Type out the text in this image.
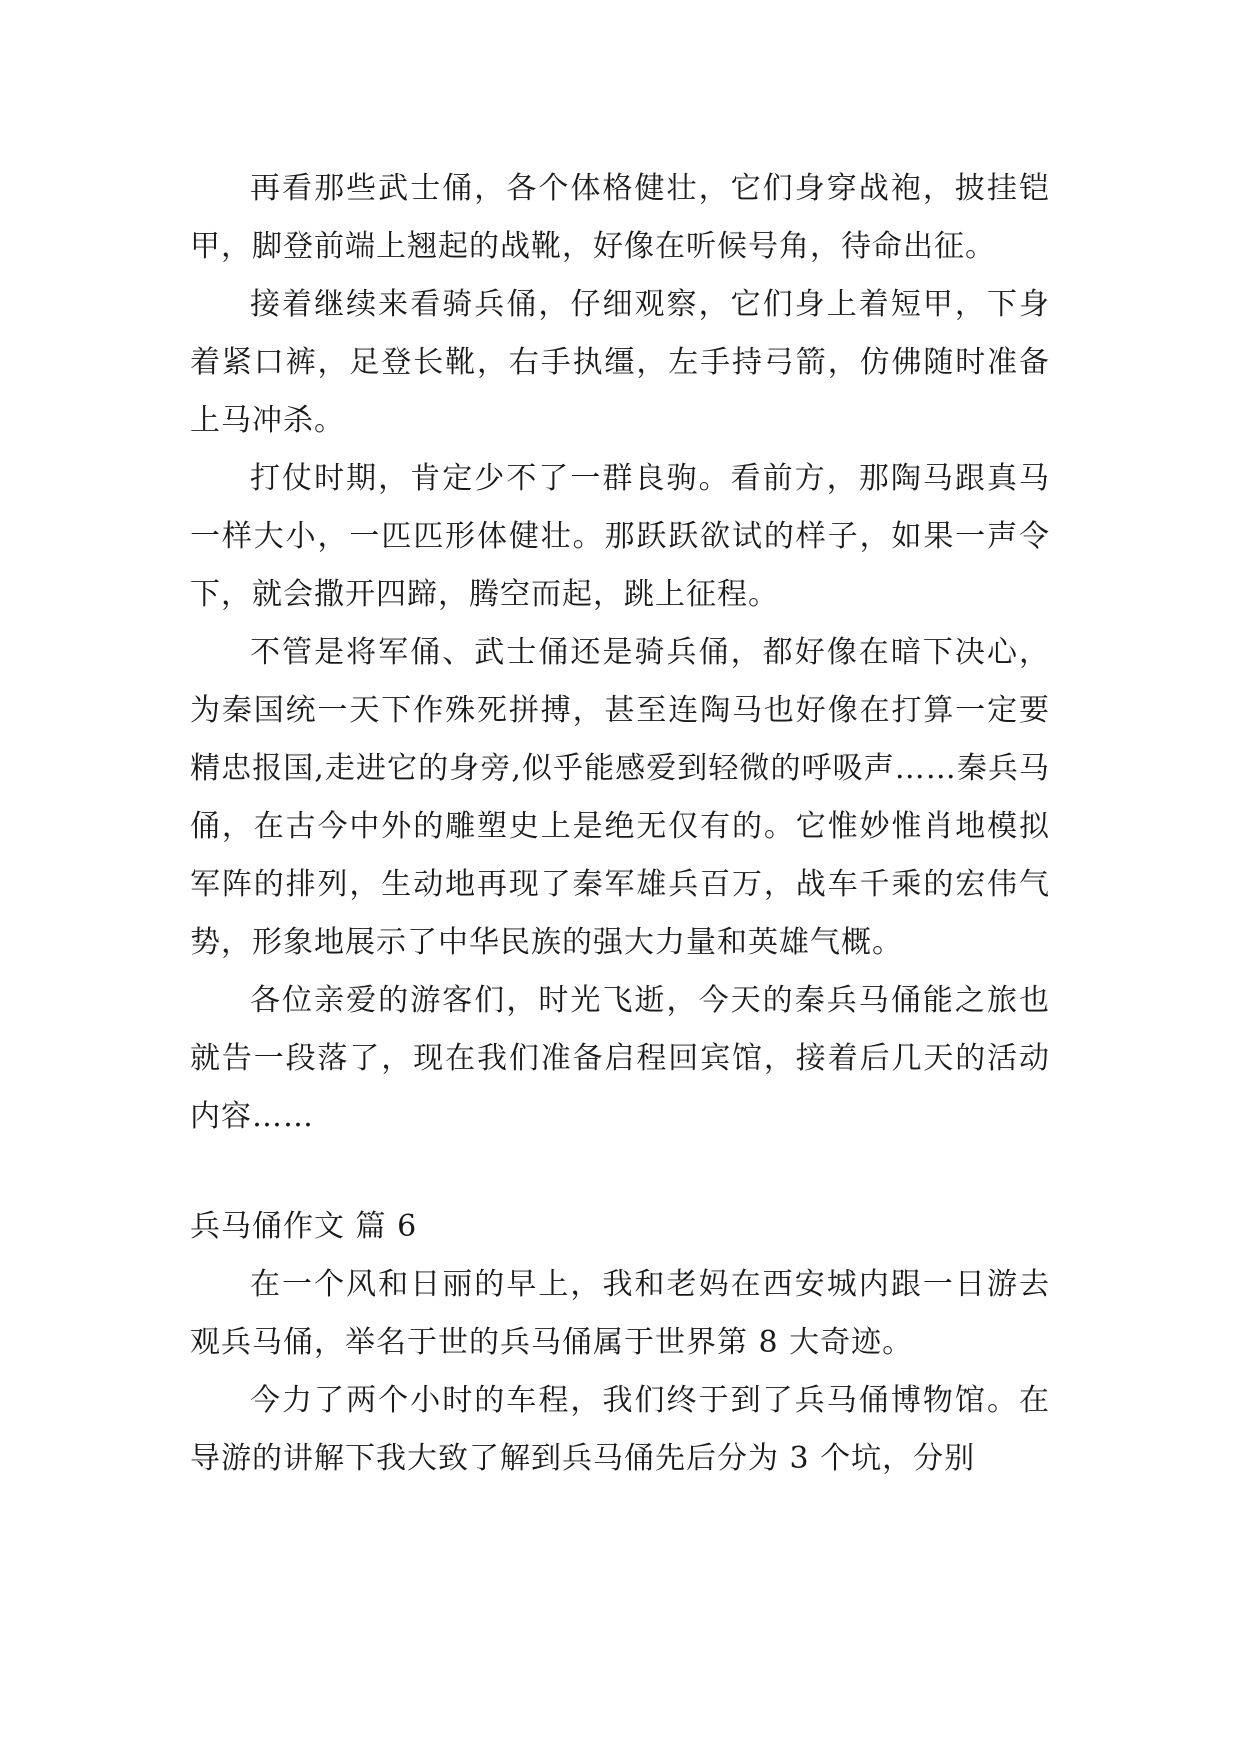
再看那些武士俑，各个体格健壮，它们身穿战袍，披挂铠甲，脚登前端上翘起的战靴，好像在听候号角，待命出征。

接着继续来看骑兵俑，仔细观察，它们身上着短甲，下身着紧口裤，足登长靴，右手执缰，左手持弓箭，仿佛随时准备上马冲杀。

打仗时期，肯定少不了一群良驹。看前方，那陶马跟真马一样大小，一匹匹形体健壮。那跃跃欲试的样子，如果一声令下，就会撒开四蹄，腾空而起，跳上征程。

不管是将军俑、武士俑还是骑兵俑，都好像在暗下决心，为秦国统一天下作殊死拼搏，甚至连陶马也好像在打算一定要精忠报国,走进它的身旁,似乎能感爱到轻微的呼吸声……秦兵马俑，在古今中外的雕塑史上是绝无仅有的。它惟妙惟肖地模拟军阵的排列，生动地再现了秦军雄兵百万，战车千乘的宏伟气势，形象地展示了中华民族的强大力量和英雄气概。

各位亲爱的游客们，时光飞逝，今天的秦兵马俑能之旅也就告一段落了，现在我们准备启程回宾馆，接着后几天的活动内容……

兵马俑作文 篇 6

在一个风和日丽的早上，我和老妈在西安城内跟一日游去观兵马俑，举名于世的兵马俑属于世界第 8 大奇迹。

今力了两个小时的车程，我们终于到了兵马俑博物馆。在导游的讲解下我大致了解到兵马俑先后分为 3 个坑，分别
